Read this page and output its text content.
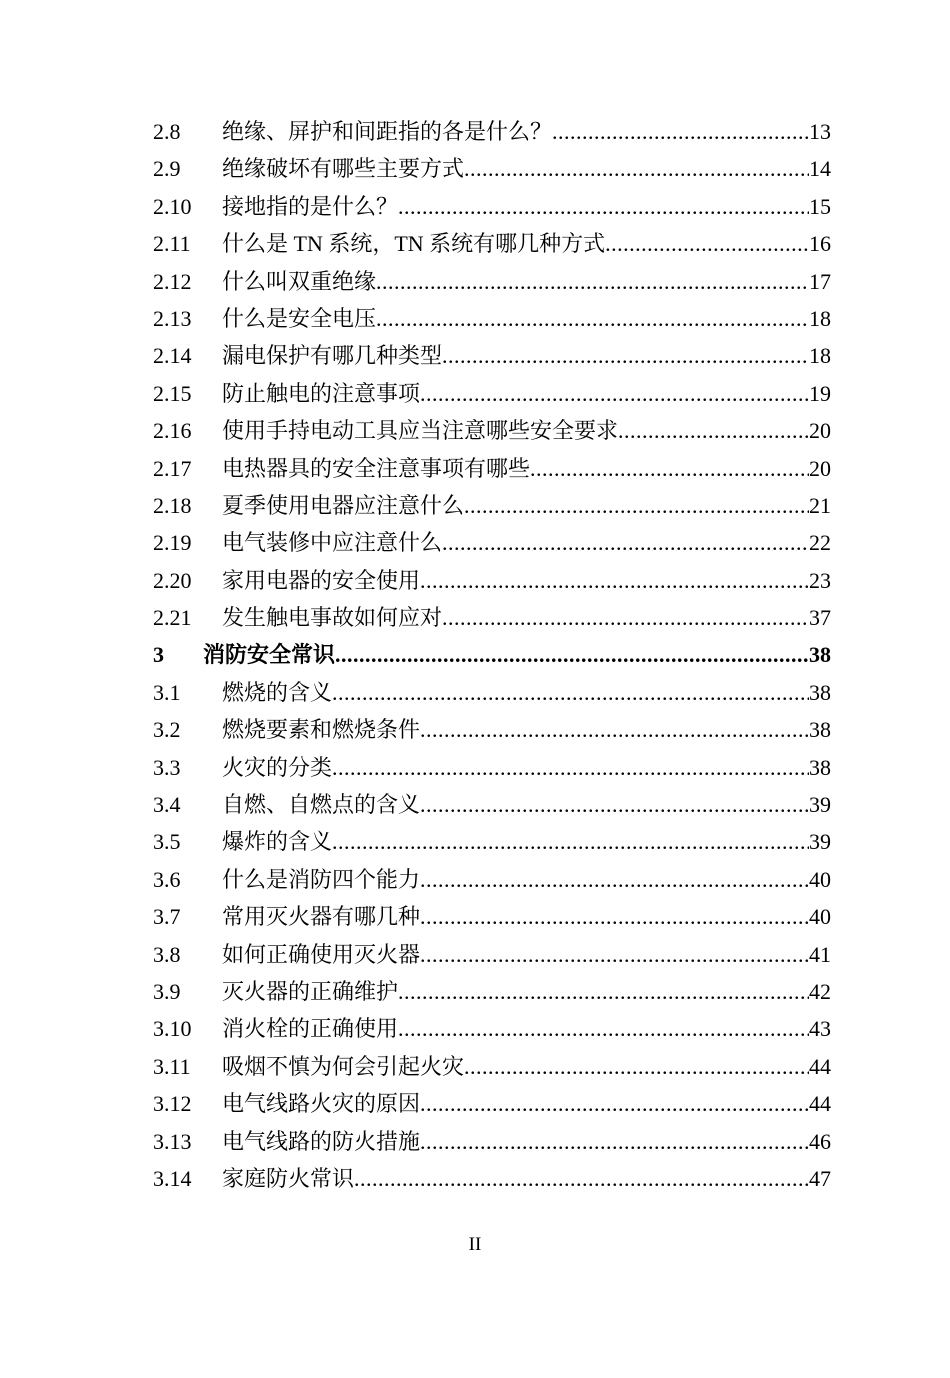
2.8	绝缘、屏护和间距指的各是什么？ .....	13
2.9	绝缘破坏有哪些主要方式 .....	14
2.10	接地指的是什么？ .....	15
2.11	什么是 TN 系统，TN 系统有哪几种方式 .....	16
2.12	什么叫双重绝缘 .....	17
2.13	什么是安全电压 .....	18
2.14	漏电保护有哪几种类型 .....	18
2.15	防止触电的注意事项 .....	19
2.16	使用手持电动工具应当注意哪些安全要求 .....	20
2.17	电热器具的安全注意事项有哪些 .....	20
2.18	夏季使用电器应注意什么 .....	21
2.19	电气装修中应注意什么 .....	22
2.20	家用电器的安全使用 .....	23
2.21	发生触电事故如何应对 .....	37
3	消防安全常识 .....	38
3.1	燃烧的含义 .....	38
3.2	燃烧要素和燃烧条件 .....	38
3.3	火灾的分类 .....	38
3.4	自燃、自燃点的含义 .....	39
3.5	爆炸的含义 .....	39
3.6	什么是消防四个能力 .....	40
3.7	常用灭火器有哪几种 .....	40
3.8	如何正确使用灭火器 .....	41
3.9	灭火器的正确维护 .....	42
3.10	消火栓的正确使用 .....	43
3.11	吸烟不慎为何会引起火灾 .....	44
3.12	电气线路火灾的原因 .....	44
3.13	电气线路的防火措施 .....	46
3.14	家庭防火常识 .....	47
II
